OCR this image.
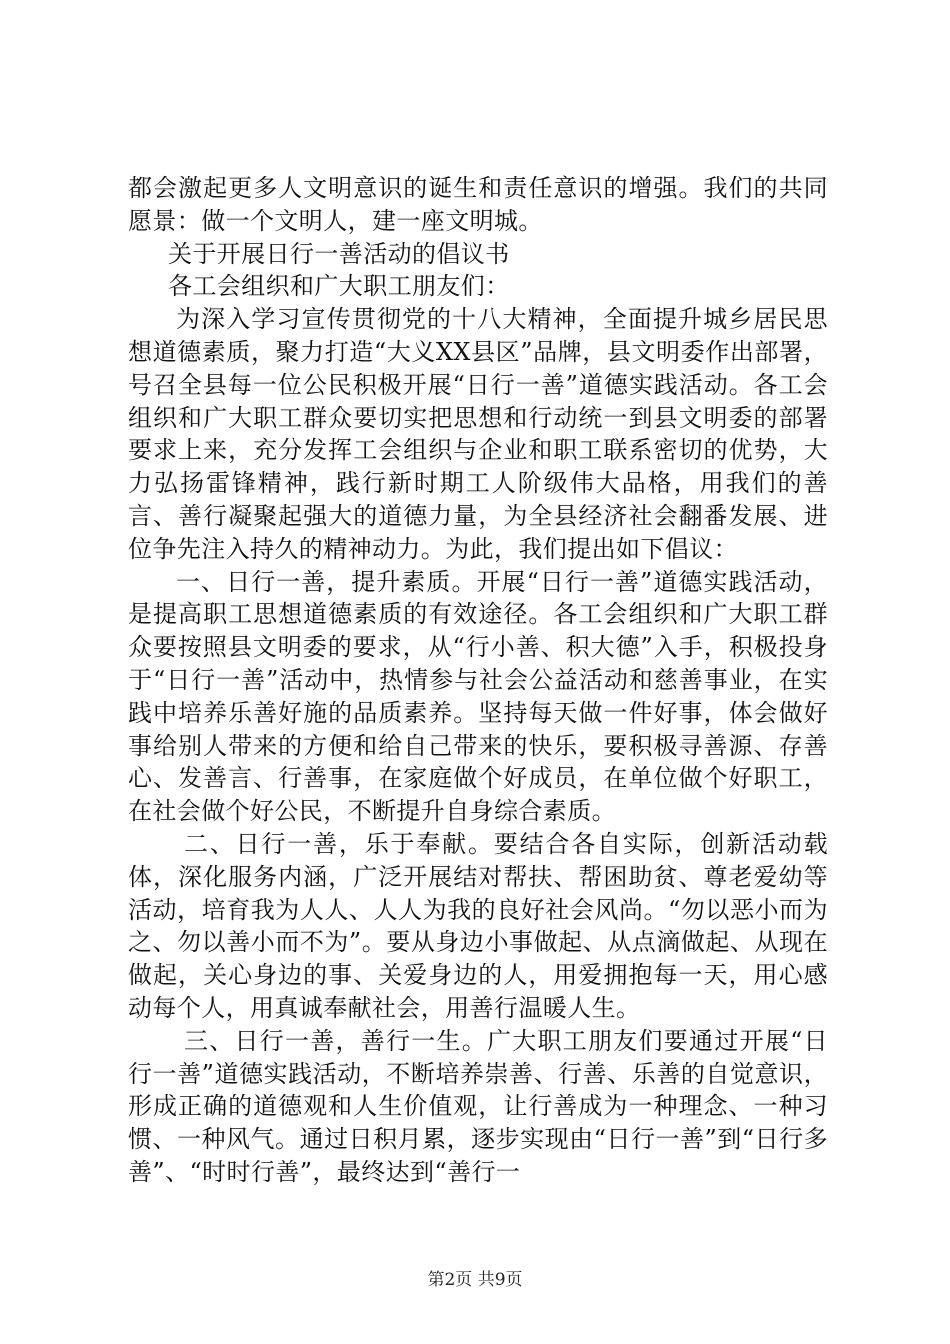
都会激起更多人文明意识的诞生和责任意识的增强。我们的共同愿景：做一个文明人，建一座文明城。

关于开展日行一善活动的倡议书

各工会组织和广大职工朋友们：

为深入学习宣传贯彻党的十八大精神，全面提升城乡居民思想道德素质，聚力打造“大义XX县区”品牌，县文明委作出部署，号召全县每一位公民积极开展“日行一善”道德实践活动。各工会组织和广大职工群众要切实把思想和行动统一到县文明委的部署要求上来，充分发挥工会组织与企业和职工联系密切的优势，大力弘扬雷锋精神，践行新时期工人阶级伟大品格，用我们的善言、善行凝聚起强大的道德力量，为全县经济社会翻番发展、进位争先注入持久的精神动力。为此，我们提出如下倡议：

一、日行一善，提升素质。开展“日行一善”道德实践活动，是提高职工思想道德素质的有效途径。各工会组织和广大职工群众要按照县文明委的要求，从“行小善、积大德”入手，积极投身于“日行一善”活动中，热情参与社会公益活动和慈善事业，在实践中培养乐善好施的品质素养。坚持每天做一件好事，体会做好事给别人带来的方便和给自己带来的快乐，要积极寻善源、存善心、发善言、行善事，在家庭做个好成员，在单位做个好职工，在社会做个好公民，不断提升自身综合素质。

二、日行一善，乐于奉献。要结合各自实际，创新活动载体，深化服务内涵，广泛开展结对帮扶、帮困助贫、尊老爱幼等活动，培育我为人人、人人为我的良好社会风尚。“勿以恶小而为之、勿以善小而不为”。要从身边小事做起、从点滴做起、从现在做起，关心身边的事、关爱身边的人，用爱拥抱每一天，用心感动每个人，用真诚奉献社会，用善行温暖人生。

三、日行一善，善行一生。广大职工朋友们要通过开展“日行一善”道德实践活动，不断培养崇善、行善、乐善的自觉意识，形成正确的道德观和人生价值观，让行善成为一种理念、一种习惯、一种风气。通过日积月累，逐步实现由“日行一善”到“日行多善”、“时时行善”，最终达到“善行一

第2页 共9页
